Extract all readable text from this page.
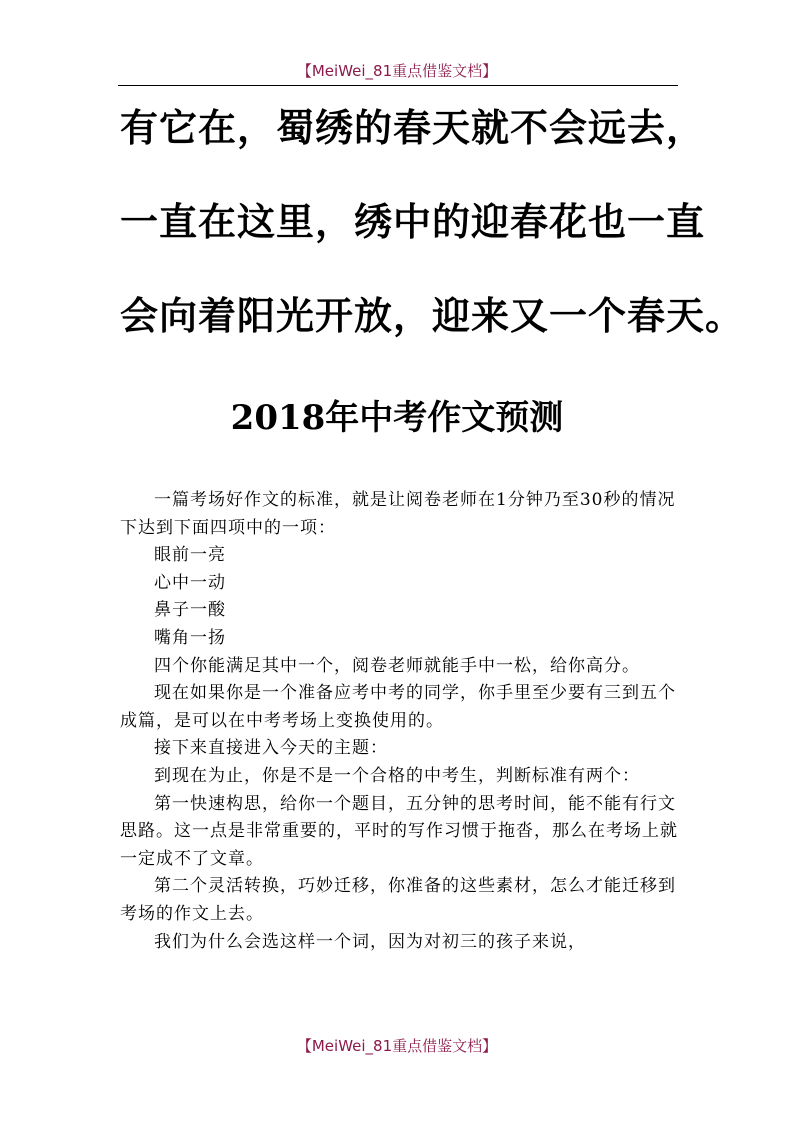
【MeiWei_81重点借鉴文档】
有它在，蜀绣的春天就不会远去，
一直在这里，绣中的迎春花也一直
会向着阳光开放，迎来又一个春天。
2018年中考作文预测

一篇考场好作文的标准，就是让阅卷老师在1分钟乃至30秒的情况下达到下面四项中的一项：

眼前一亮

心中一动

鼻子一酸

嘴角一扬

四个你能满足其中一个，阅卷老师就能手中一松，给你高分。

现在如果你是一个准备应考中考的同学，你手里至少要有三到五个成篇，是可以在中考考场上变换使用的。

接下来直接进入今天的主题：

到现在为止，你是不是一个合格的中考生，判断标准有两个：

第一快速构思，给你一个题目，五分钟的思考时间，能不能有行文思路。这一点是非常重要的，平时的写作习惯于拖沓，那么在考场上就一定成不了文章。

第二个灵活转换，巧妙迁移，你准备的这些素材，怎么才能迁移到考场的作文上去。

我们为什么会选这样一个词，因为对初三的孩子来说，

【MeiWei_81重点借鉴文档】
